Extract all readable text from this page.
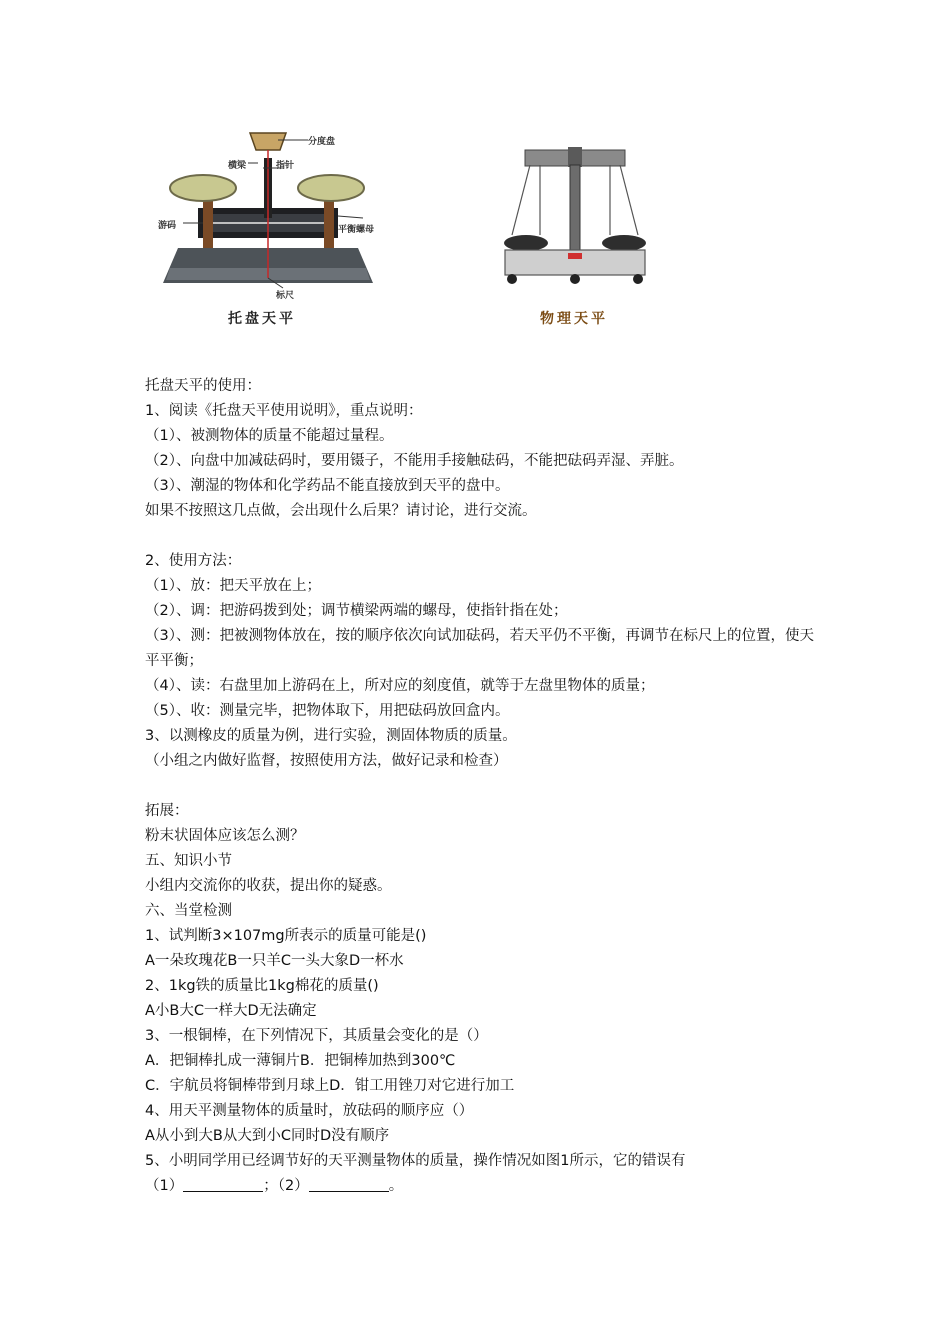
分度盘
横梁	指针
游码	平衡螺母
标尺
托盘天平	物理天平
托盘天平的使用：
1、阅读《托盘天平使用说明》，重点说明：
（1）、被测物体的质量不能超过量程。
（2）、向盘中加减砝码时，要用镊子，不能用手接触砝码，不能把砝码弄湿、弄脏。
（3）、潮湿的物体和化学药品不能直接放到天平的盘中。
如果不按照这几点做，会出现什么后果？请讨论，进行交流。
2、使用方法：
（1）、放：把天平放在上；
（2）、调：把游码拨到处；调节横梁两端的螺母，使指针指在处；
（3）、测：把被测物体放在，按的顺序依次向试加砝码，若天平仍不平衡，再调节在标尺上的位置，使天平平衡；
（4）、读：右盘里加上游码在上，所对应的刻度值，就等于左盘里物体的质量；
（5）、收：测量完毕，把物体取下，用把砝码放回盒内。
3、以测橡皮的质量为例，进行实验，测固体物质的质量。
（小组之内做好监督，按照使用方法，做好记录和检查）
拓展：
粉末状固体应该怎么测？
五、知识小节
小组内交流你的收获，提出你的疑惑。
六、当堂检测
1、试判断3×107mg所表示的质量可能是()
A一朵玫瑰花B一只羊C一头大象D一杯水
2、1kg铁的质量比1kg棉花的质量()
A小B大C一样大D无法确定
3、一根铜棒，在下列情况下，其质量会变化的是（）
A．把铜棒扎成一薄铜片B．把铜棒加热到300℃
C．宇航员将铜棒带到月球上D．钳工用锉刀对它进行加工
4、用天平测量物体的质量时，放砝码的顺序应（）
A从小到大B从大到小C同时D没有顺序
5、小明同学用已经调节好的天平测量物体的质量，操作情况如图1所示，它的错误有
（1）	；（2）	。
